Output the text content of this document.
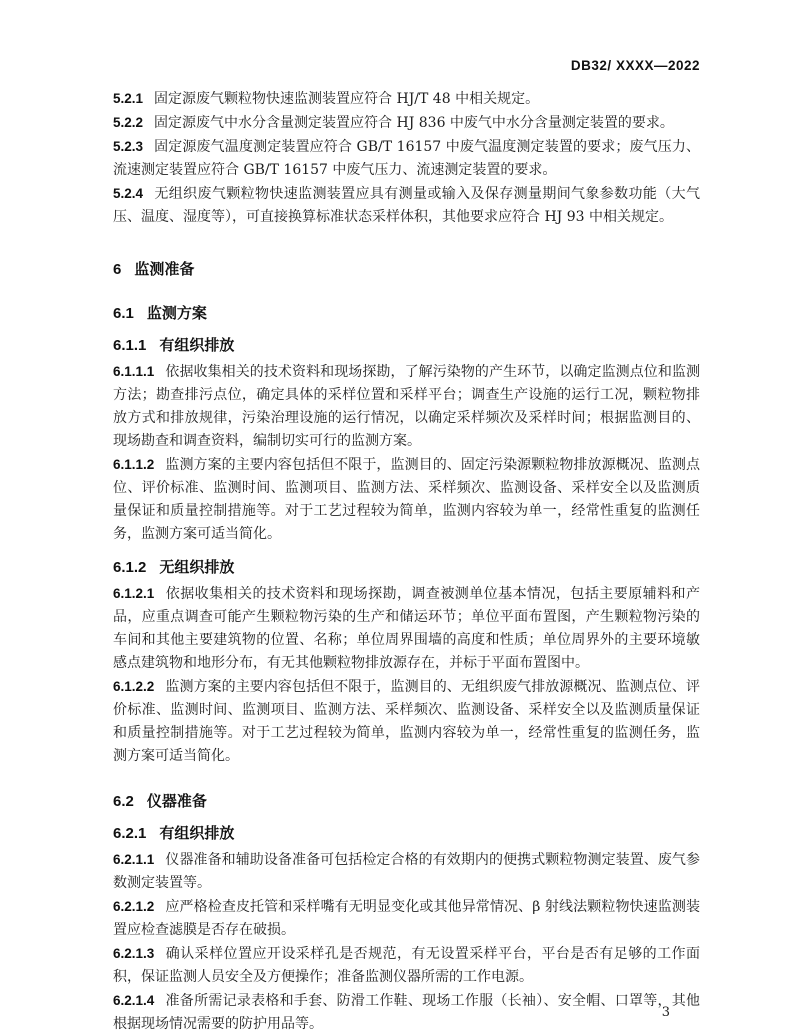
DB32/ XXXX—2022

5.2.1 固定源废气颗粒物快速监测装置应符合 HJ/T 48 中相关规定。

5.2.2 固定源废气中水分含量测定装置应符合 HJ 836 中废气中水分含量测定装置的要求。

5.2.3 固定源废气温度测定装置应符合 GB/T 16157 中废气温度测定装置的要求；废气压力、流速测定装置应符合 GB/T 16157 中废气压力、流速测定装置的要求。

5.2.4 无组织废气颗粒物快速监测装置应具有测量或输入及保存测量期间气象参数功能（大气压、温度、湿度等），可直接换算标准状态采样体积，其他要求应符合 HJ 93 中相关规定。

6 监测准备
6.1 监测方案
6.1.1 有组织排放

6.1.1.1 依据收集相关的技术资料和现场探勘，了解污染物的产生环节，以确定监测点位和监测方法；勘查排污点位，确定具体的采样位置和采样平台；调查生产设施的运行工况，颗粒物排放方式和排放规律，污染治理设施的运行情况，以确定采样频次及采样时间；根据监测目的、现场勘查和调查资料，编制切实可行的监测方案。

6.1.1.2 监测方案的主要内容包括但不限于，监测目的、固定污染源颗粒物排放源概况、监测点位、评价标准、监测时间、监测项目、监测方法、采样频次、监测设备、采样安全以及监测质量保证和质量控制措施等。对于工艺过程较为简单，监测内容较为单一，经常性重复的监测任务，监测方案可适当简化。

6.1.2 无组织排放

6.1.2.1 依据收集相关的技术资料和现场探勘，调查被测单位基本情况，包括主要原辅料和产品，应重点调查可能产生颗粒物污染的生产和储运环节；单位平面布置图，产生颗粒物污染的车间和其他主要建筑物的位置、名称；单位周界围墙的高度和性质；单位周界外的主要环境敏感点建筑物和地形分布，有无其他颗粒物排放源存在，并标于平面布置图中。

6.1.2.2 监测方案的主要内容包括但不限于，监测目的、无组织废气排放源概况、监测点位、评价标准、监测时间、监测项目、监测方法、采样频次、监测设备、采样安全以及监测质量保证和质量控制措施等。对于工艺过程较为简单，监测内容较为单一，经常性重复的监测任务，监测方案可适当简化。

6.2 仪器准备
6.2.1 有组织排放

6.2.1.1 仪器准备和辅助设备准备可包括检定合格的有效期内的便携式颗粒物测定装置、废气参数测定装置等。

6.2.1.2 应严格检查皮托管和采样嘴有无明显变化或其他异常情况、β 射线法颗粒物快速监测装置应检查滤膜是否存在破损。

6.2.1.3 确认采样位置应开设采样孔是否规范，有无设置采样平台，平台是否有足够的工作面积，保证监测人员安全及方便操作；准备监测仪器所需的工作电源。

6.2.1.4 准备所需记录表格和手套、防滑工作鞋、现场工作服（长袖）、安全帽、口罩等，其他根据现场情况需要的防护用品等。

3
